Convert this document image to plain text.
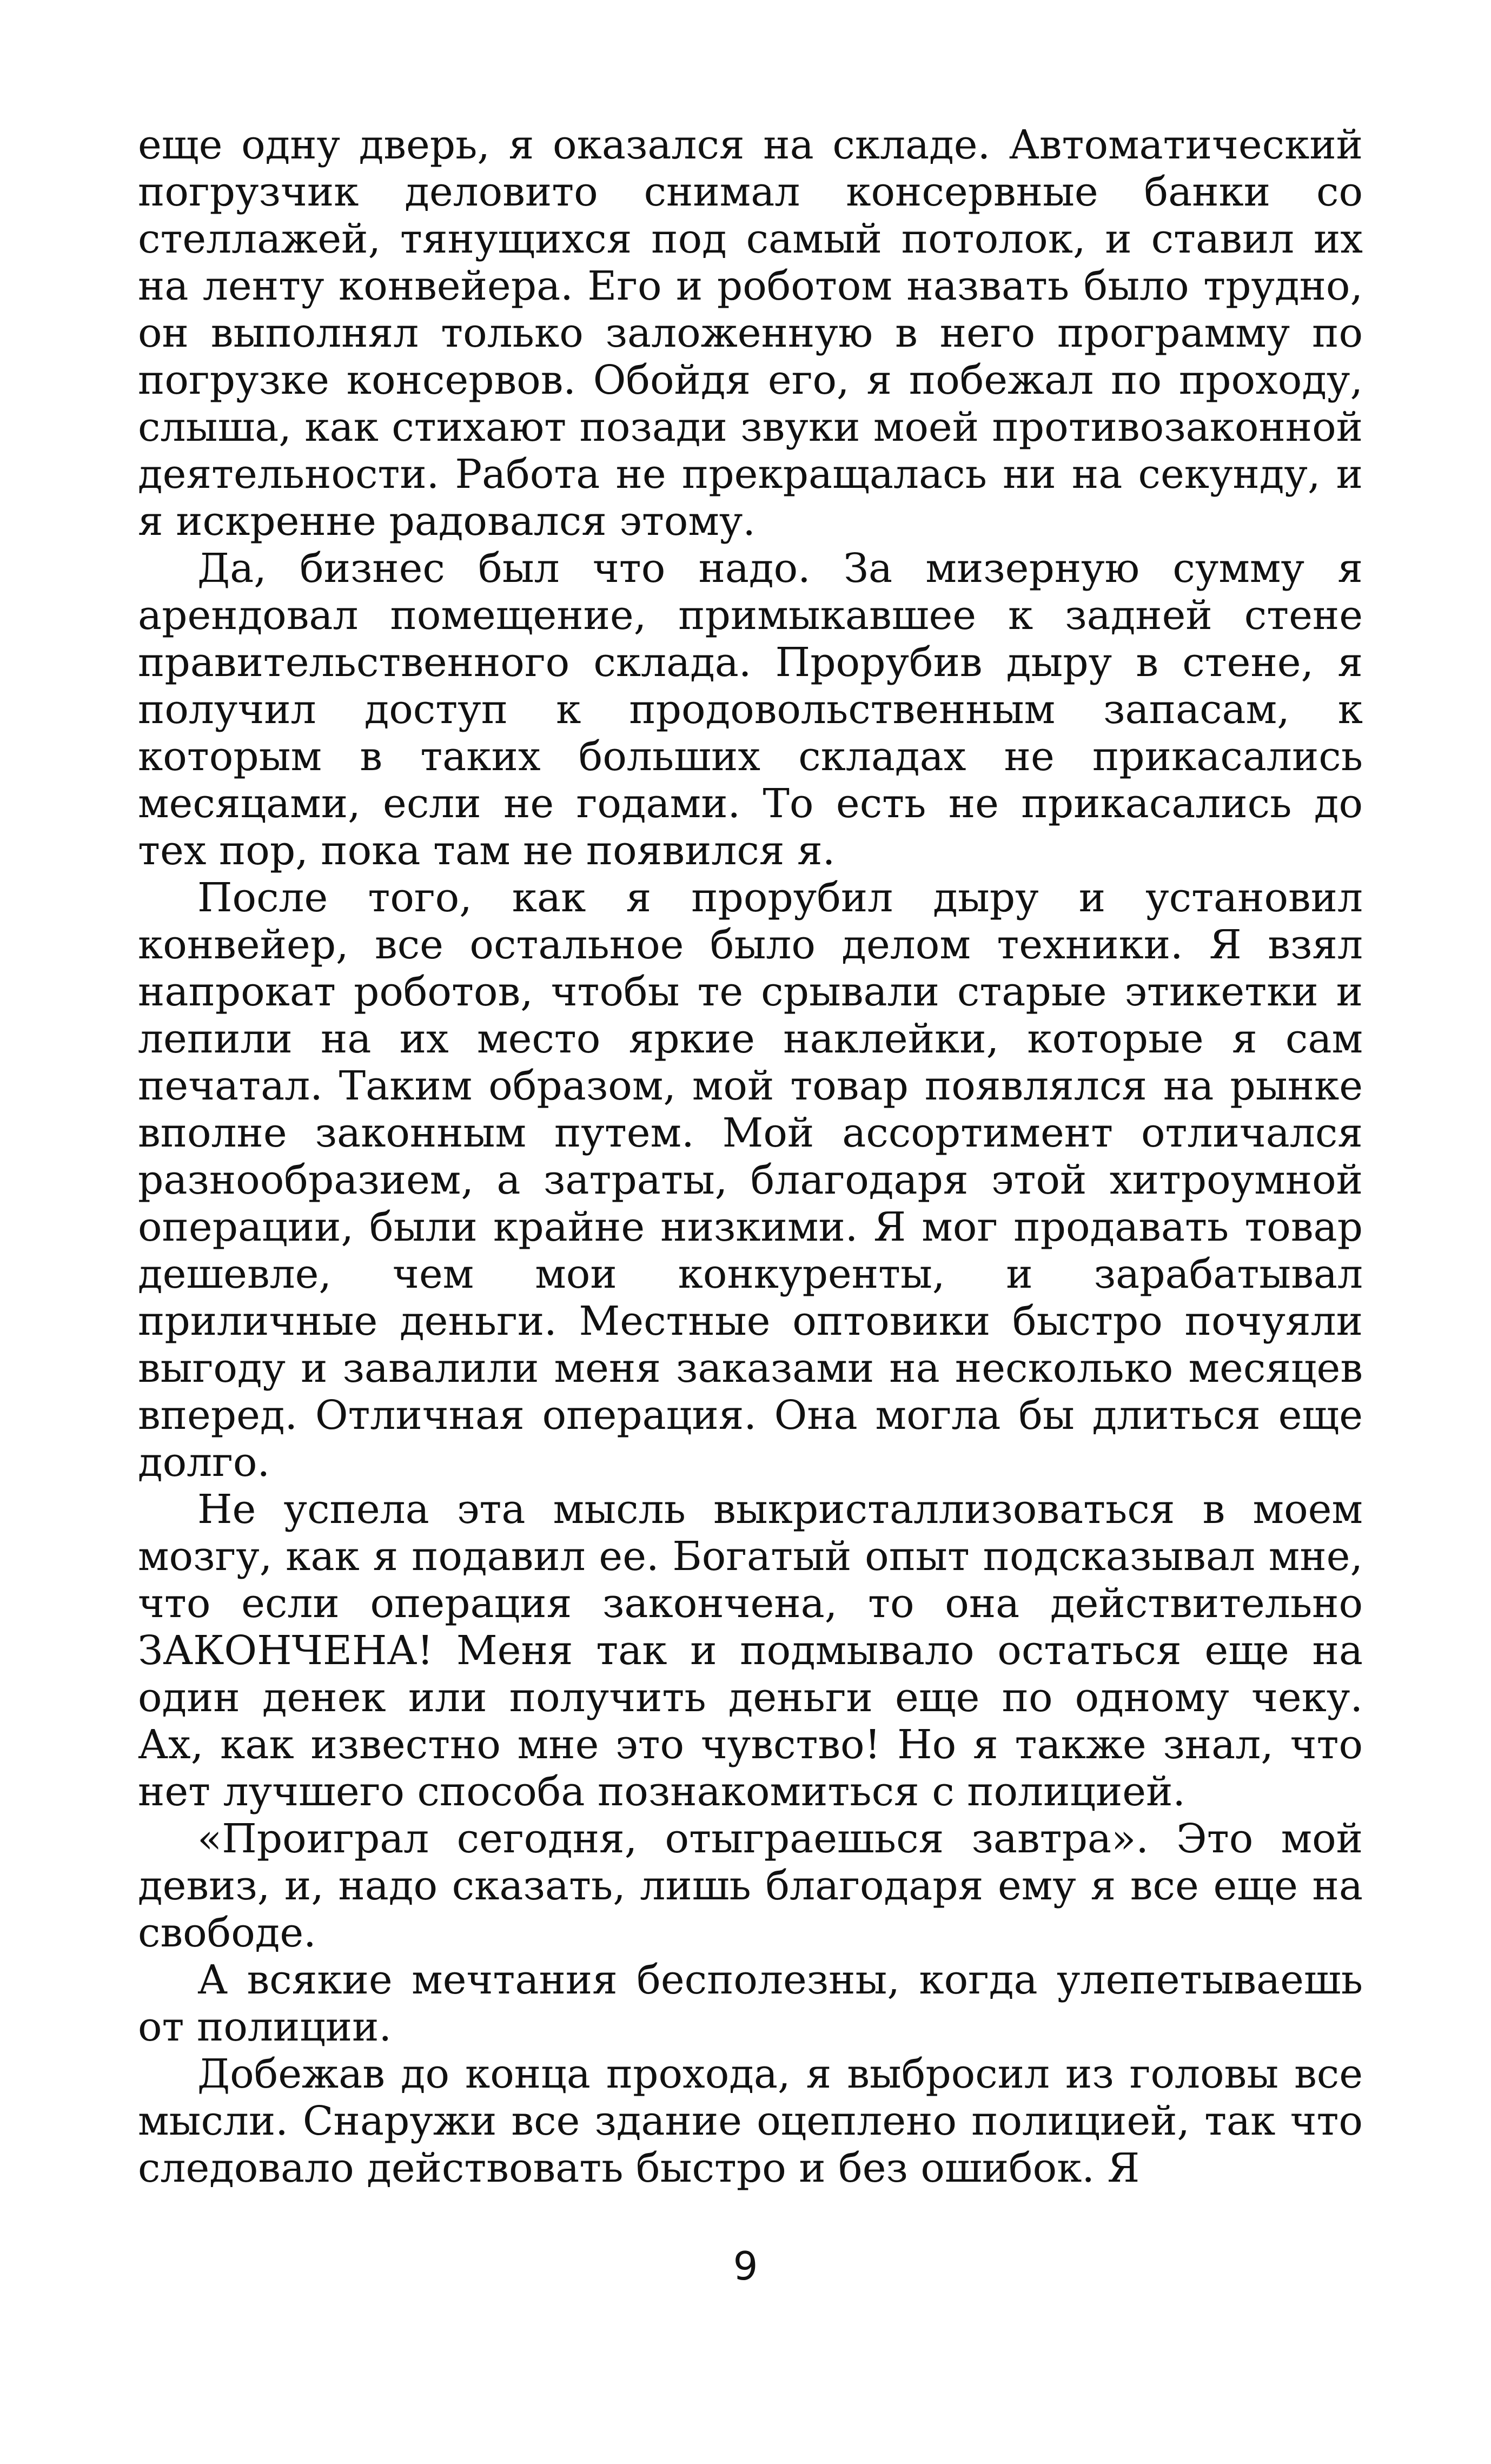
еще одну дверь, я оказался на складе. Автоматический погрузчик деловито снимал консервные банки со стеллажей, тянущихся под самый потолок, и ставил их на ленту конвейера. Его и роботом назвать было трудно, он выполнял только заложенную в него программу по погрузке консервов. Обойдя его, я побежал по проходу, слыша, как стихают позади звуки моей противозаконной деятельности. Работа не прекращалась ни на секунду, и я искренне радовался этому.

Да, бизнес был что надо. За мизерную сумму я арендовал помещение, примыкавшее к задней стене правительственного склада. Прорубив дыру в стене, я получил доступ к продовольственным запасам, к которым в таких больших складах не прикасались месяцами, если не годами. То есть не прикасались до тех пор, пока там не появился я.

После того, как я прорубил дыру и установил конвейер, все остальное было делом техники. Я взял напрокат роботов, чтобы те срывали старые этикетки и лепили на их место яркие наклейки, которые я сам печатал. Таким образом, мой товар появлялся на рынке вполне законным путем. Мой ассортимент отличался разнообразием, а затраты, благодаря этой хитроумной операции, были крайне низкими. Я мог продавать товар дешевле, чем мои конкуренты, и зарабатывал приличные деньги. Местные оптовики быстро почуяли выгоду и завалили меня заказами на несколько месяцев вперед. Отличная операция. Она могла бы длиться еще долго.

Не успела эта мысль выкристаллизоваться в моем мозгу, как я подавил ее. Богатый опыт подсказывал мне, что если операция закончена, то она действительно ЗАКОНЧЕНА! Меня так и подмывало остаться еще на один денек или получить деньги еще по одному чеку. Ах, как известно мне это чувство! Но я также знал, что нет лучшего способа познакомиться с полицией.

«Проиграл сегодня, отыграешься завтра». Это мой девиз, и, надо сказать, лишь благодаря ему я все еще на свободе.

А всякие мечтания бесполезны, когда улепетываешь от полиции.

Добежав до конца прохода, я выбросил из головы все мысли. Снаружи все здание оцеплено полицией, так что следовало действовать быстро и без ошибок. Я

9
